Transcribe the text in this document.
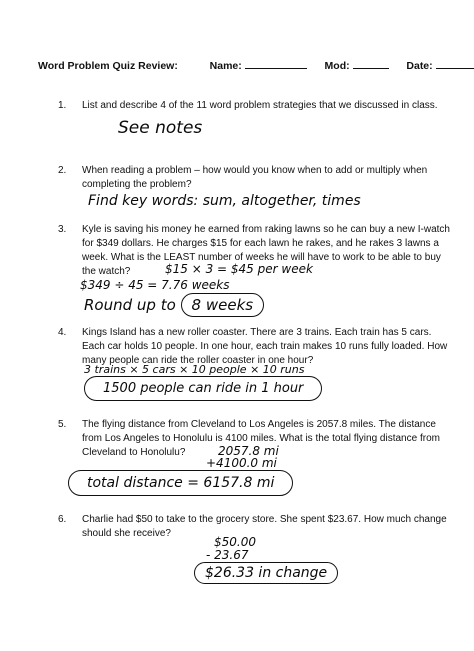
Word Problem Quiz Review:	Name:	Mod:	Date:
1.	List and describe 4 of the 11 word problem strategies that we discussed in class.
See notes
2.	When reading a problem – how would you know when to add or multiply when completing the problem?
Find key words: sum, altogether, times
3.	Kyle is saving his money he earned from raking lawns so he can buy a new I-watch for $349 dollars. He charges $15 for each lawn he rakes, and he rakes 3 lawns a week. What is the LEAST number of weeks he will have to work to be able to buy the watch?	$15 × 3 = $45 per week
$349 ÷ 45 = 7.76 weeks
Round up to 8 weeks
4.	Kings Island has a new roller coaster. There are 3 trains. Each train has 5 cars. Each car holds 10 people. In one hour, each train makes 10 runs fully loaded. How many people can ride the roller coaster in one hour?
3 trains × 5 cars × 10 people × 10 runs
1500 people can ride in 1 hour
5.	The flying distance from Cleveland to Los Angeles is 2057.8 miles. The distance from Los Angeles to Honolulu is 4100 miles. What is the total flying distance from Cleveland to Honolulu?	2057.8 mi
+4100.0 mi
total distance = 6157.8 mi
6.	Charlie had $50 to take to the grocery store. She spent $23.67. How much change should she receive?
$50.00
- 23.67
$26.33 in change
